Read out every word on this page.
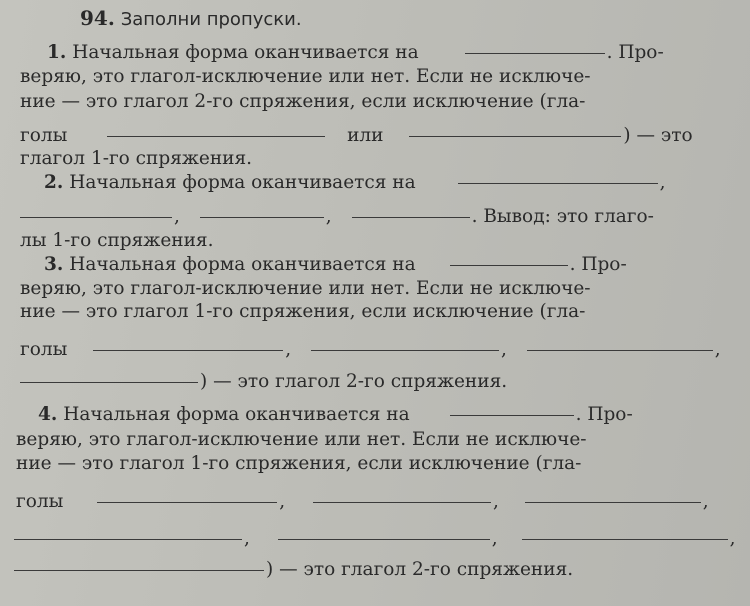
94. Заполни пропуски.
1. Начальная форма оканчивается на	. Про-
веряю, это глагол-исключение или нет. Если не исключе-
ние — это глагол 2-го спряжения, если исключение (гла-
голы	или	) — это
глагол 1-го спряжения.
2. Начальная форма оканчивается на	,
,	,	. Вывод: это глаго-
лы 1-го спряжения.
3. Начальная форма оканчивается на	. Про-
веряю, это глагол-исключение или нет. Если не исключе-
ние — это глагол 1-го спряжения, если исключение (гла-
голы	,	,	,
) — это глагол 2-го спряжения.
4. Начальная форма оканчивается на	. Про-
веряю, это глагол-исключение или нет. Если не исключе-
ние — это глагол 1-го спряжения, если исключение (гла-
голы	,	,	,
,	,	,
) — это глагол 2-го спряжения.
